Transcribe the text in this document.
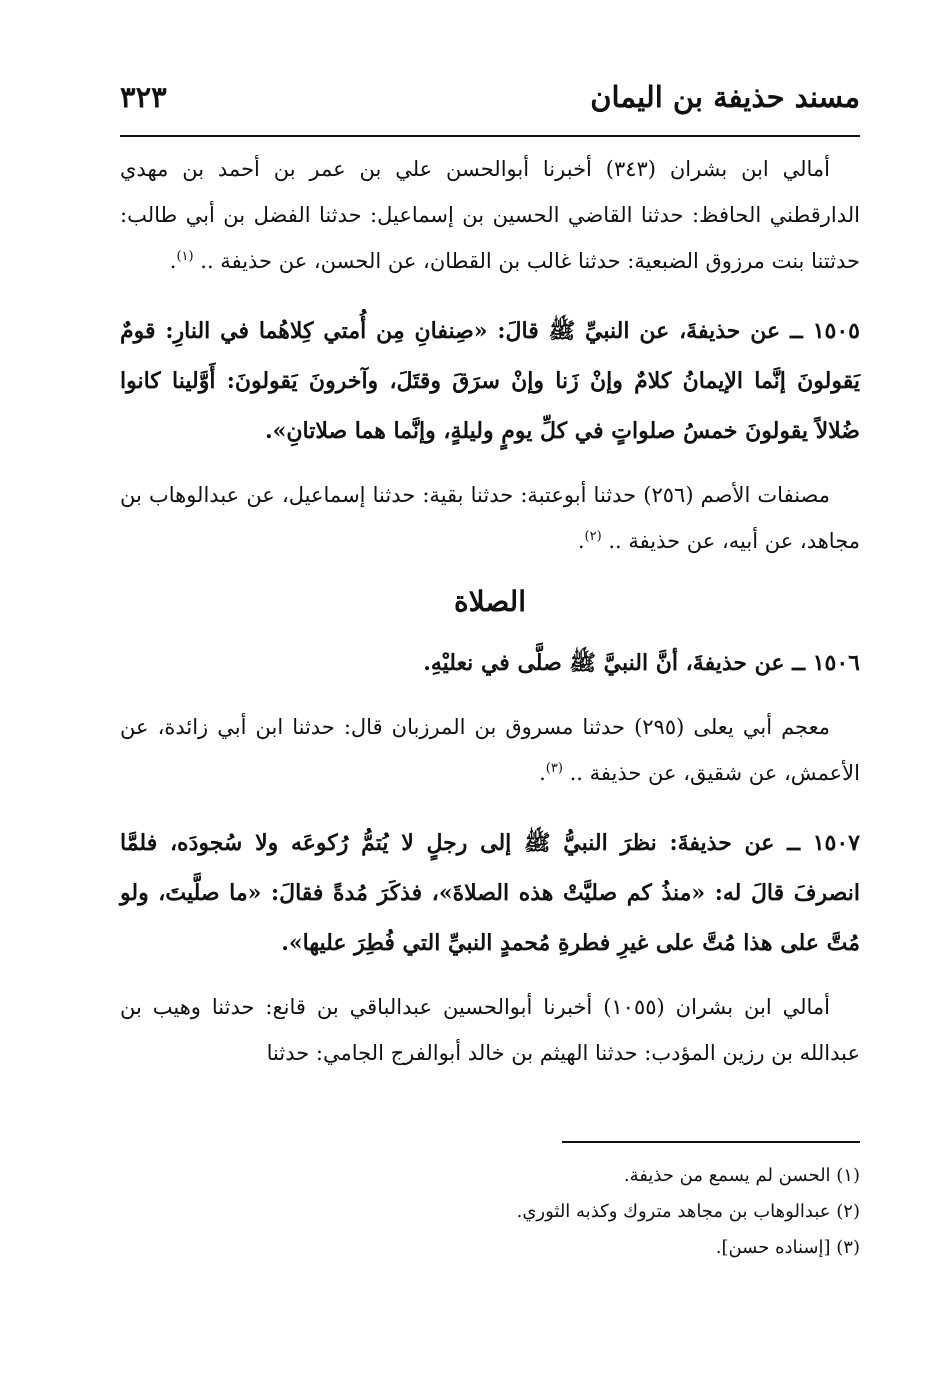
مسند حذيفة بن اليمان
٣٢٣

أمالي ابن بشران (٣٤٣) أخبرنا أبوالحسن علي بن عمر بن أحمد بن مهدي الدارقطني الحافظ: حدثنا القاضي الحسين بن إسماعيل: حدثنا الفضل بن أبي طالب: حدثتنا بنت مرزوق الضبعية: حدثنا غالب بن القطان، عن الحسن، عن حذيفة .. $^{(١)}$.

١٥٠٥ ــ عن حذيفةَ، عن النبيِّ ﷺ قالَ: «صِنفانِ مِن أُمتي كِلاهُما في النارِ: قومٌ يَقولونَ إنَّما الإيمانُ كلامٌ وإنْ زَنا وإنْ سرَقَ وقتَلَ، وآخرونَ يَقولونَ: أَوَّلينا كانوا ضُلالاً يقولونَ خمسُ صلواتٍ في كلِّ يومٍ وليلةٍ، وإنَّما هما صلاتانِ».

مصنفات الأصم (٢٥٦) حدثنا أبوعتبة: حدثنا بقية: حدثنا إسماعيل، عن عبدالوهاب بن مجاهد، عن أبيه، عن حذيفة .. $^{(٢)}$.

الصلاة

١٥٠٦ ــ عن حذيفةَ، أنَّ النبيَّ ﷺ صلَّى في نعليْهِ.

معجم أبي يعلى (٢٩٥) حدثنا مسروق بن المرزبان قال: حدثنا ابن أبي زائدة، عن الأعمش، عن شقيق، عن حذيفة .. $^{(٣)}$.

١٥٠٧ ــ عن حذيفةَ: نظرَ النبيُّ ﷺ إلى رجلٍ لا يُتمُّ رُكوعَه ولا سُجودَه، فلمَّا انصرفَ قالَ له: «منذُ كم صليَّتْ هذه الصلاةَ»، فذكَرَ مُدةً فقالَ: «ما صلَّيتَ، ولو مُتَّ على هذا مُتَّ على غيرِ فطرةِ مُحمدٍ النبيِّ التي فُطِرَ عليها».

أمالي ابن بشران (١٠٥٥) أخبرنا أبوالحسين عبدالباقي بن قانع: حدثنا وهيب بن عبدالله بن رزين المؤدب: حدثنا الهيثم بن خالد أبوالفرج الجامي: حدثنا

(١) الحسن لم يسمع من حذيفة.

(٢) عبدالوهاب بن مجاهد متروك وكذبه الثوري.

(٣) [إسناده حسن].
